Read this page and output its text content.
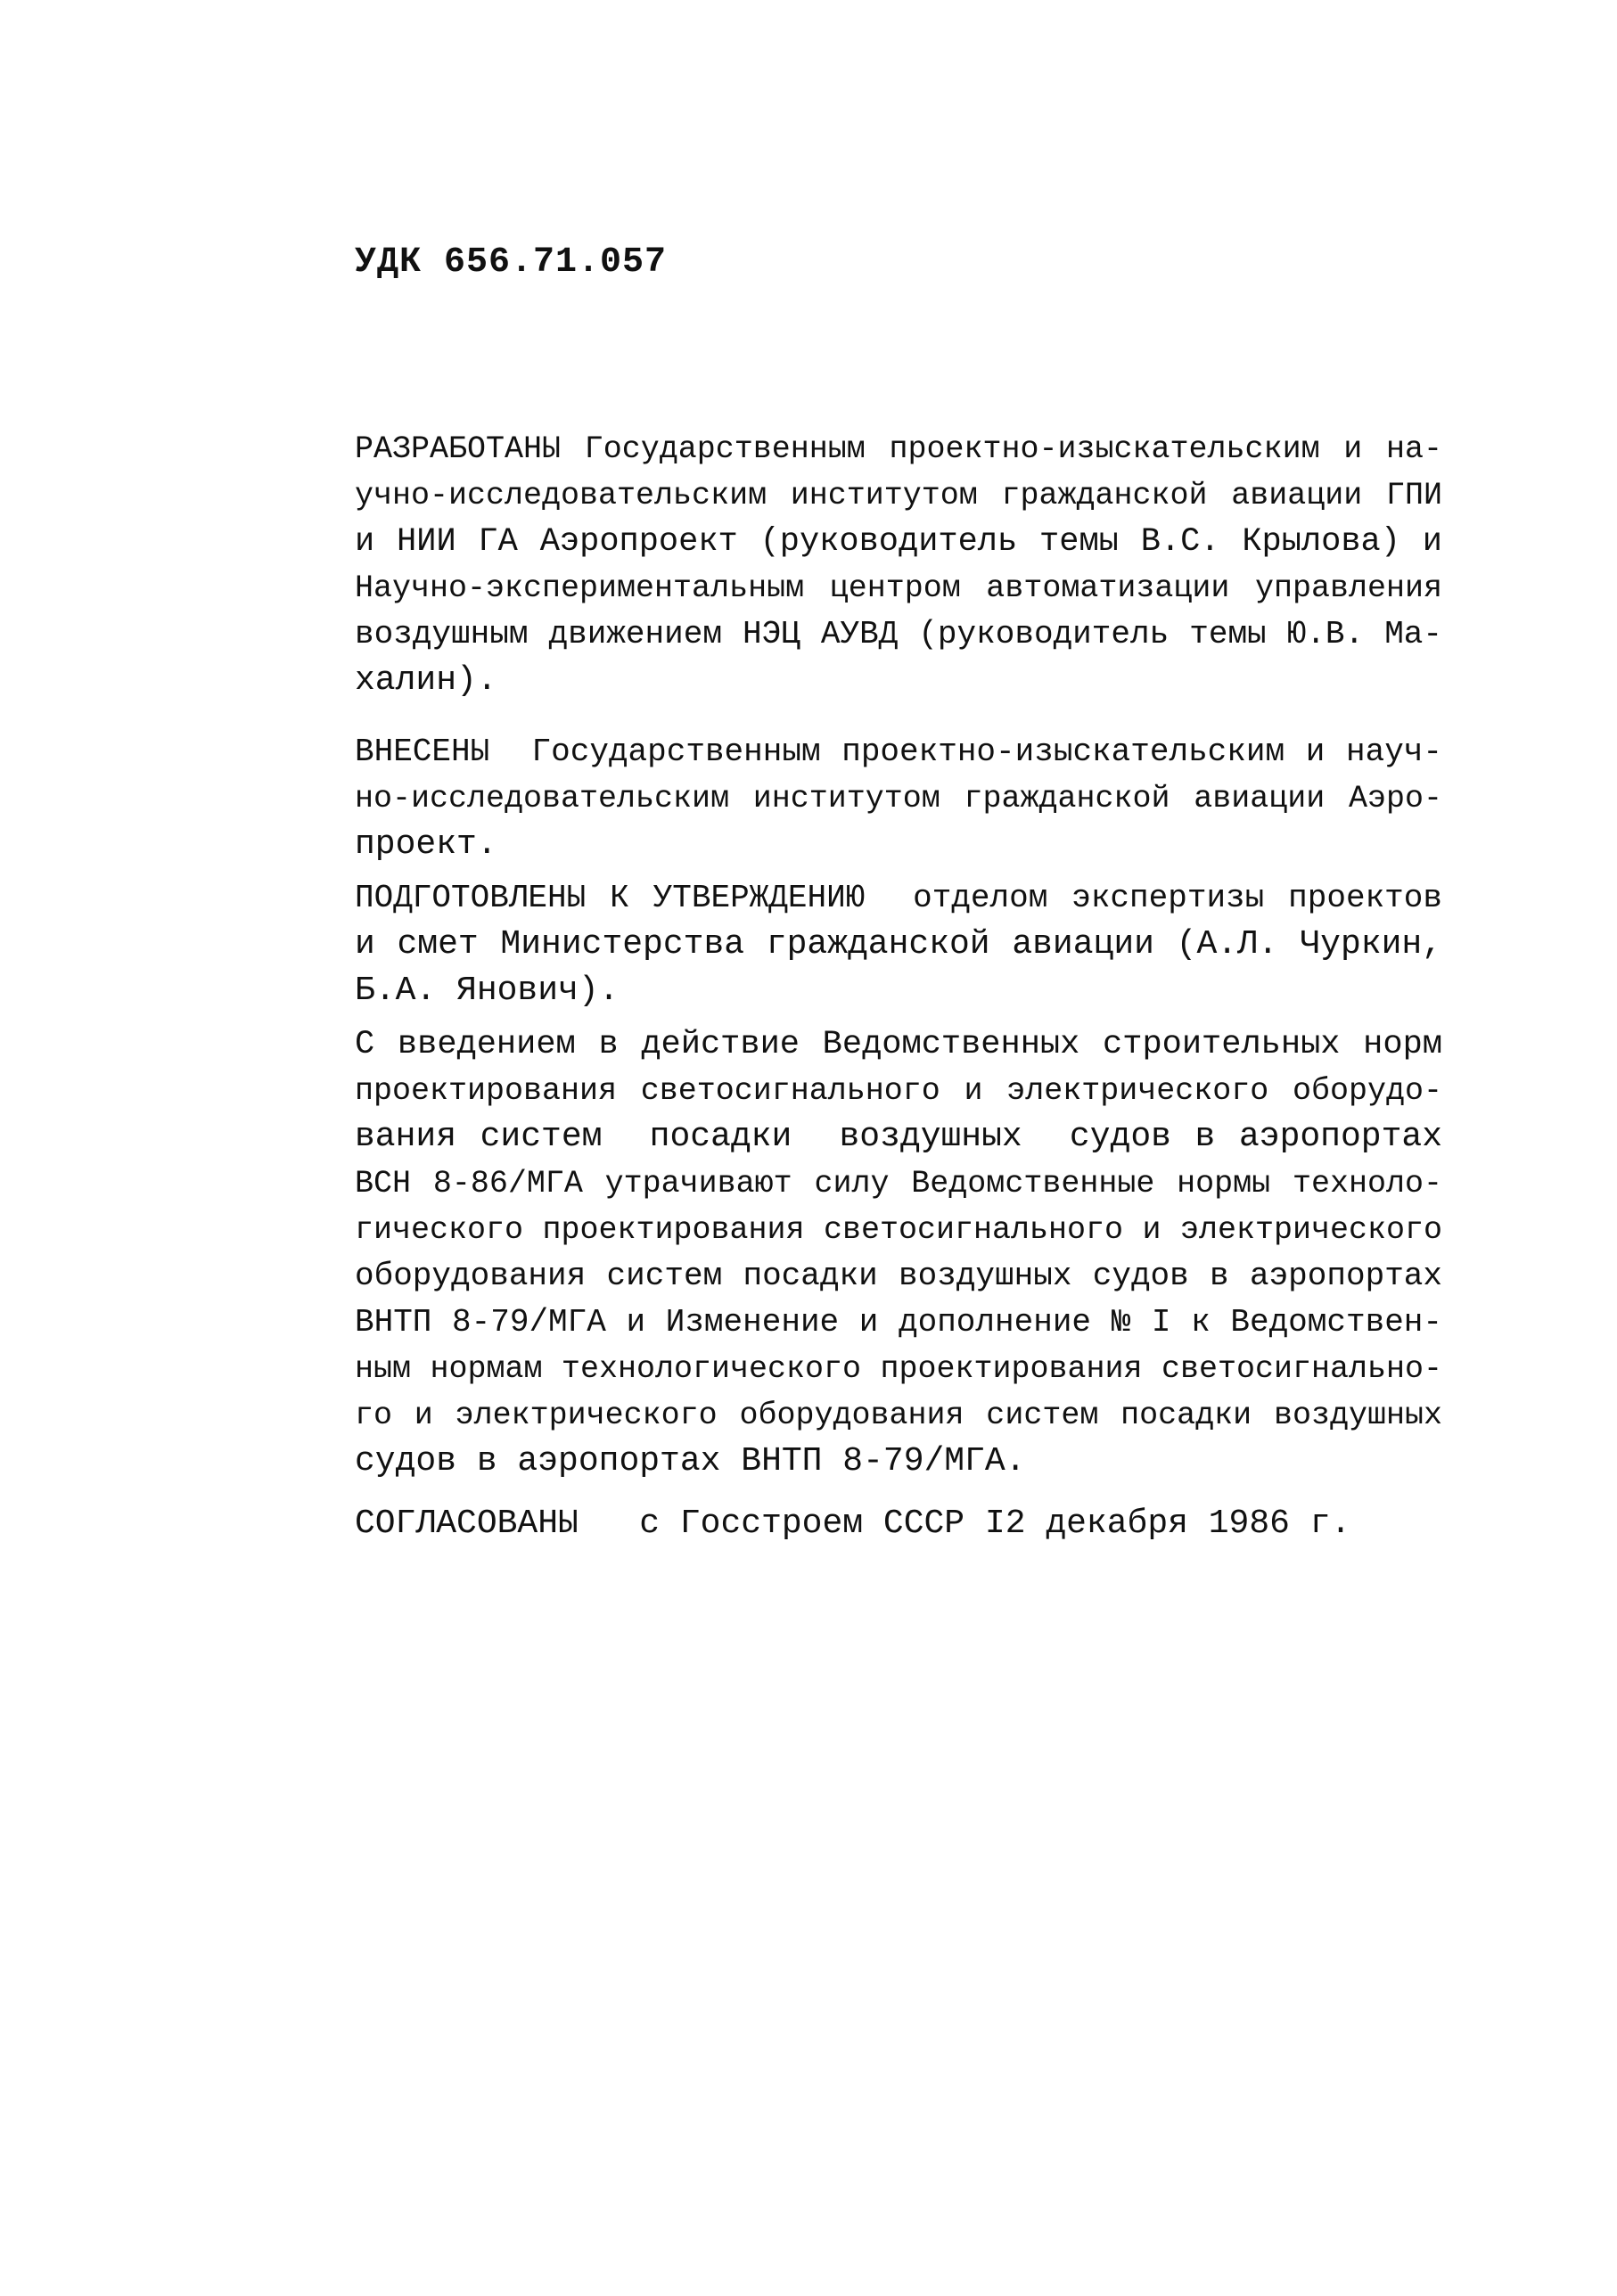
УДК 656.71.057
РАЗРАБОТАНЫ Государственным проектно-изыскательским и на-
учно-исследовательским институтом гражданской авиации ГПИ
и НИИ ГА Аэропроект (руководитель темы В.С. Крылова) и
Научно-экспериментальным центром автоматизации управления
воздушным движением НЭЦ АУВД (руководитель темы Ю.В. Ма-
халин).
ВНЕСЕНЫ  Государственным проектно-изыскательским и науч-
но-исследовательским институтом гражданской авиации Аэро-
проект.
ПОДГОТОВЛЕНЫ К УТВЕРЖДЕНИЮ  отделом экспертизы проектов
и смет Министерства гражданской авиации (А.Л. Чуркин,
Б.А. Янович).
С введением в действие Ведомственных строительных норм
проектирования светосигнального и электрического оборудо-
вания систем  посадки  воздушных  судов в аэропортах
ВСН 8-86/МГА утрачивают силу Ведомственные нормы техноло-
гического проектирования светосигнального и электрического
оборудования систем посадки воздушных судов в аэропортах
ВНТП 8-79/МГА и Изменение и дополнение № I к Ведомствен-
ным нормам технологического проектирования светосигнально-
го и электрического оборудования систем посадки воздушных
судов в аэропортах ВНТП 8-79/МГА.
СОГЛАСОВАНЫ   с Госстроем СССР I2 декабря 1986 г.
